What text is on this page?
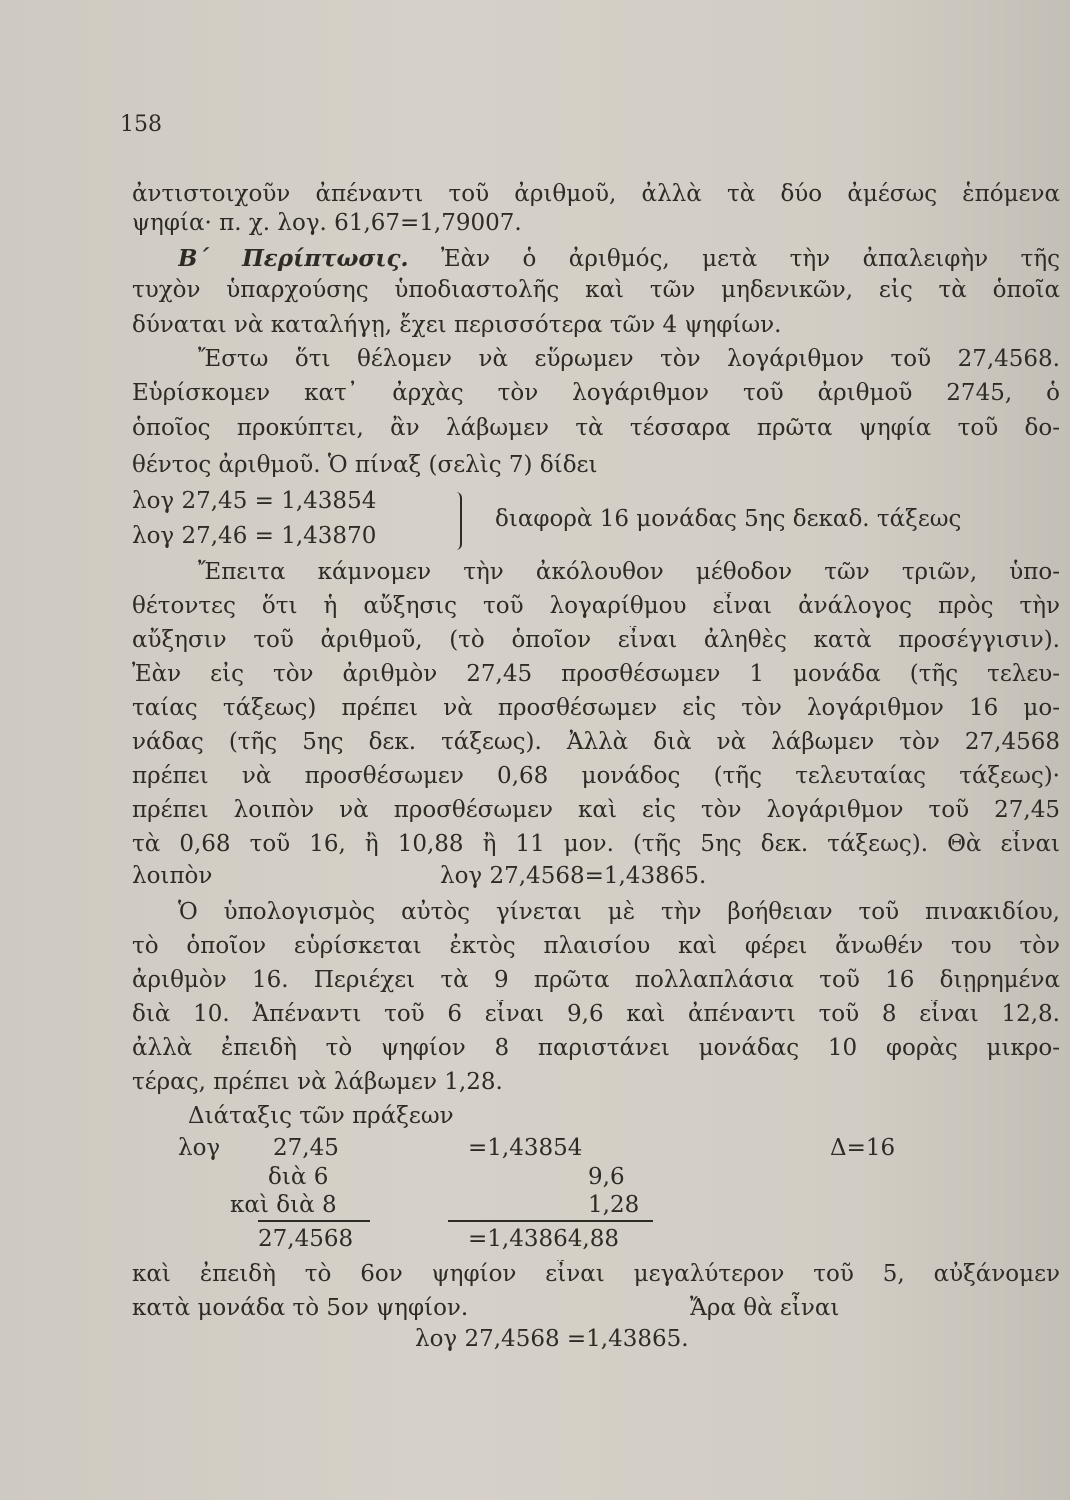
158
ἀντιστοιχοῦν ἀπέναντι τοῦ ἀριθμοῦ, ἀλλὰ τὰ δύο ἀμέσως ἑπόμενα
ψηφία· π. χ. λογ. 61,67=1,79007.
Β΄ Περίπτωσις. Ἐὰν ὁ ἀριθμός, μετὰ τὴν ἀπαλειφὴν τῆς
τυχὸν ὑπαρχούσης ὑποδιαστολῆς καὶ τῶν μηδενικῶν, εἰς τὰ ὁποῖα
δύναται νὰ καταλήγῃ, ἔχει περισσότερα τῶν 4 ψηφίων.
Ἔστω ὅτι θέλομεν νὰ εὕρωμεν τὸν λογάριθμον τοῦ 27,4568.
Εὑρίσκομεν κατ᾽ ἀρχὰς τὸν λογάριθμον τοῦ ἀριθμοῦ 2745, ὁ
ὁποῖος προκύπτει, ἂν λάβωμεν τὰ τέσσαρα πρῶτα ψηφία τοῦ δο-
θέντος ἀριθμοῦ. Ὁ πίναξ (σελὶς 7) δίδει
λογ 27,45 = 1,43854
λογ 27,46 = 1,43870
διαφορὰ 16 μονάδας 5ης δεκαδ. τάξεως
Ἔπειτα κάμνομεν τὴν ἀκόλουθον μέθοδον τῶν τριῶν, ὑπο-
θέτοντες ὅτι ἡ αὔξησις τοῦ λογαρίθμου εἶναι ἀνάλογος πρὸς τὴν
αὔξησιν τοῦ ἀριθμοῦ, (τὸ ὁποῖον εἶναι ἀληθὲς κατὰ προσέγγισιν).
Ἐὰν εἰς τὸν ἀριθμὸν 27,45 προσθέσωμεν 1 μονάδα (τῆς τελευ-
ταίας τάξεως) πρέπει νὰ προσθέσωμεν εἰς τὸν λογάριθμον 16 μο-
νάδας (τῆς 5ης δεκ. τάξεως). Ἀλλὰ διὰ νὰ λάβωμεν τὸν 27,4568
πρέπει νὰ προσθέσωμεν 0,68 μονάδος (τῆς τελευταίας τάξεως)·
πρέπει λοιπὸν νὰ προσθέσωμεν καὶ εἰς τὸν λογάριθμον τοῦ 27,45
τὰ 0,68 τοῦ 16, ἢ 10,88 ἢ 11 μον. (τῆς 5ης δεκ. τάξεως). Θὰ εἶναι
λοιπὸν	λογ 27,4568=1,43865.
Ὁ ὑπολογισμὸς αὐτὸς γίνεται μὲ τὴν βοήθειαν τοῦ πινακιδίου,
τὸ ὁποῖον εὑρίσκεται ἐκτὸς πλαισίου καὶ φέρει ἄνωθέν του τὸν
ἀριθμὸν 16. Περιέχει τὰ 9 πρῶτα πολλαπλάσια τοῦ 16 διῃρημένα
διὰ 10. Ἀπέναντι τοῦ 6 εἶναι 9,6 καὶ ἀπέναντι τοῦ 8 εἶναι 12,8.
ἀλλὰ ἐπειδὴ τὸ ψηφίον 8 παριστάνει μονάδας 10 φορὰς μικρο-
τέρας, πρέπει νὰ λάβωμεν 1,28.
Διάταξις τῶν πράξεων
λογ 27,45	=1,43854	Δ=16
διὰ 6	9,6
καὶ διὰ 8	1,28
27,4568	=1,43864,88
καὶ ἐπειδὴ τὸ 6ον ψηφίον εἶναι μεγαλύτερον τοῦ 5, αὐξάνομεν
κατὰ μονάδα τὸ 5ον ψηφίον.	Ἄρα θὰ εἶναι
λογ 27,4568 =1,43865.
